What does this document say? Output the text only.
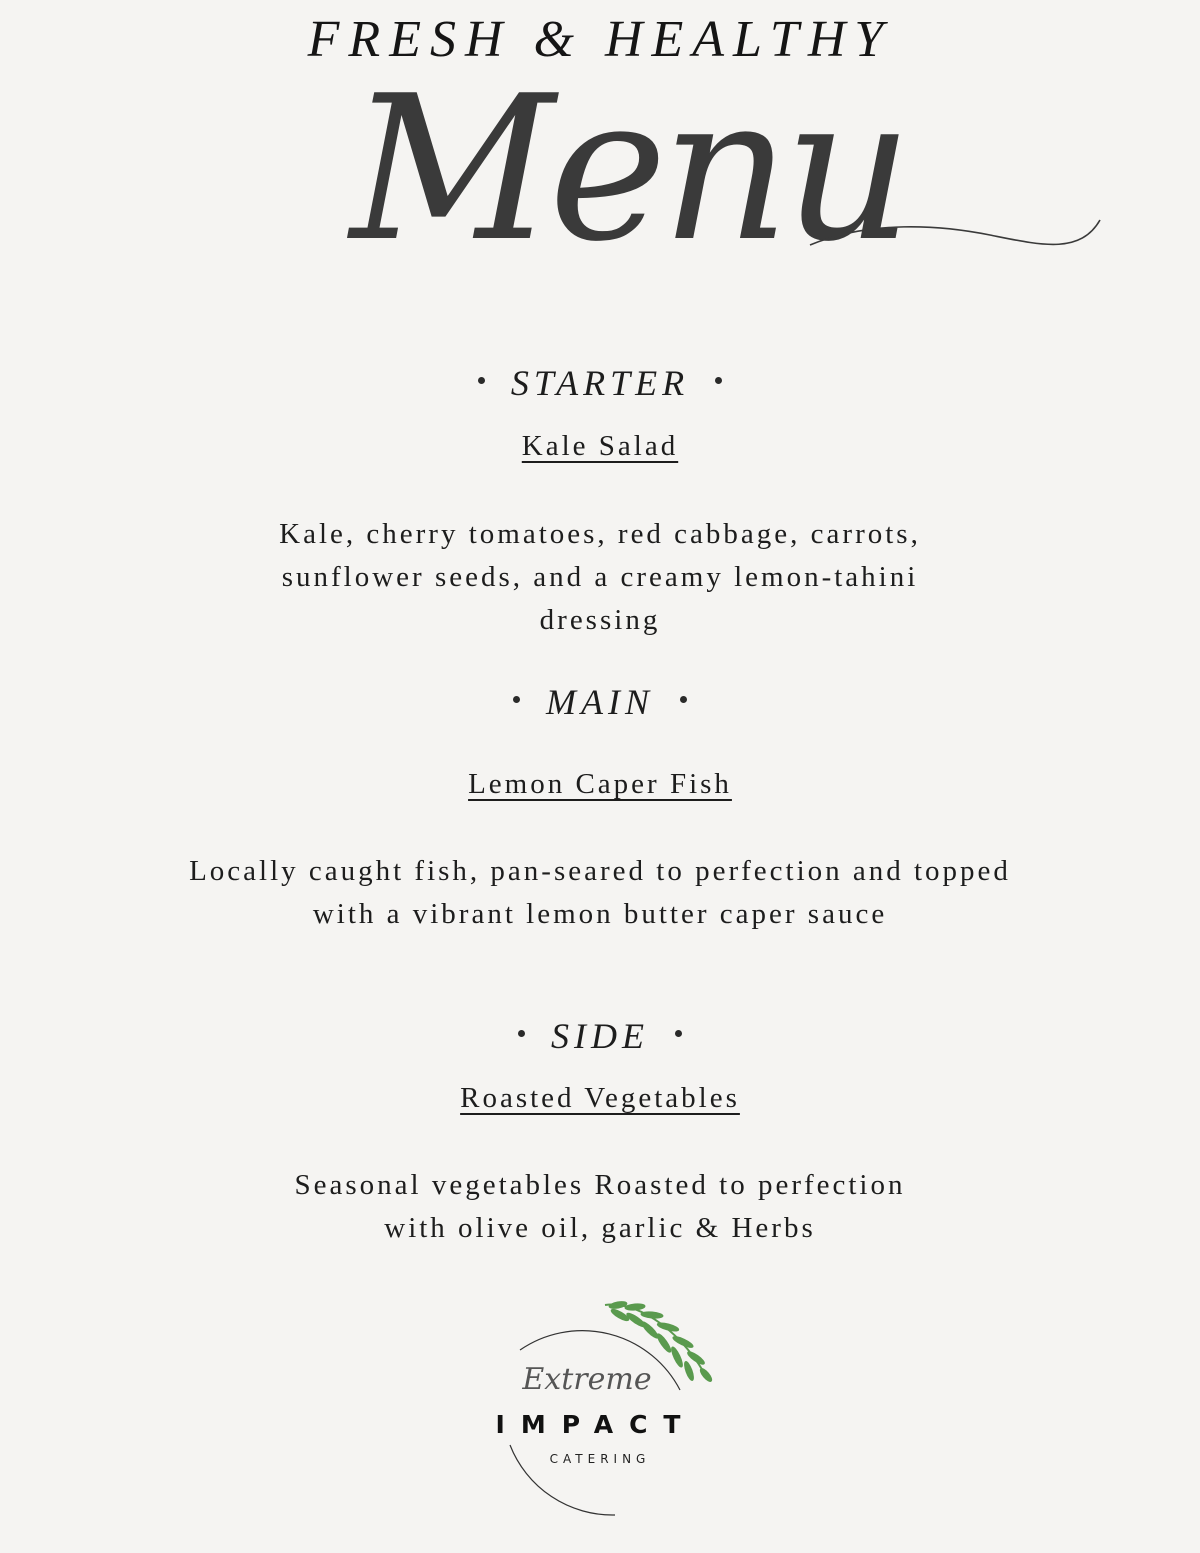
FRESH & HEALTHY
Menu
STARTER
Kale Salad
Kale, cherry tomatoes, red cabbage, carrots,
sunflower seeds, and a creamy lemon-tahini
dressing
MAIN
Lemon Caper Fish
Locally caught fish, pan-seared to perfection and topped
with a vibrant lemon butter caper sauce
SIDE
Roasted Vegetables
Seasonal vegetables Roasted to perfection
with olive oil, garlic & Herbs
Extreme
IMPACT
CATERING
